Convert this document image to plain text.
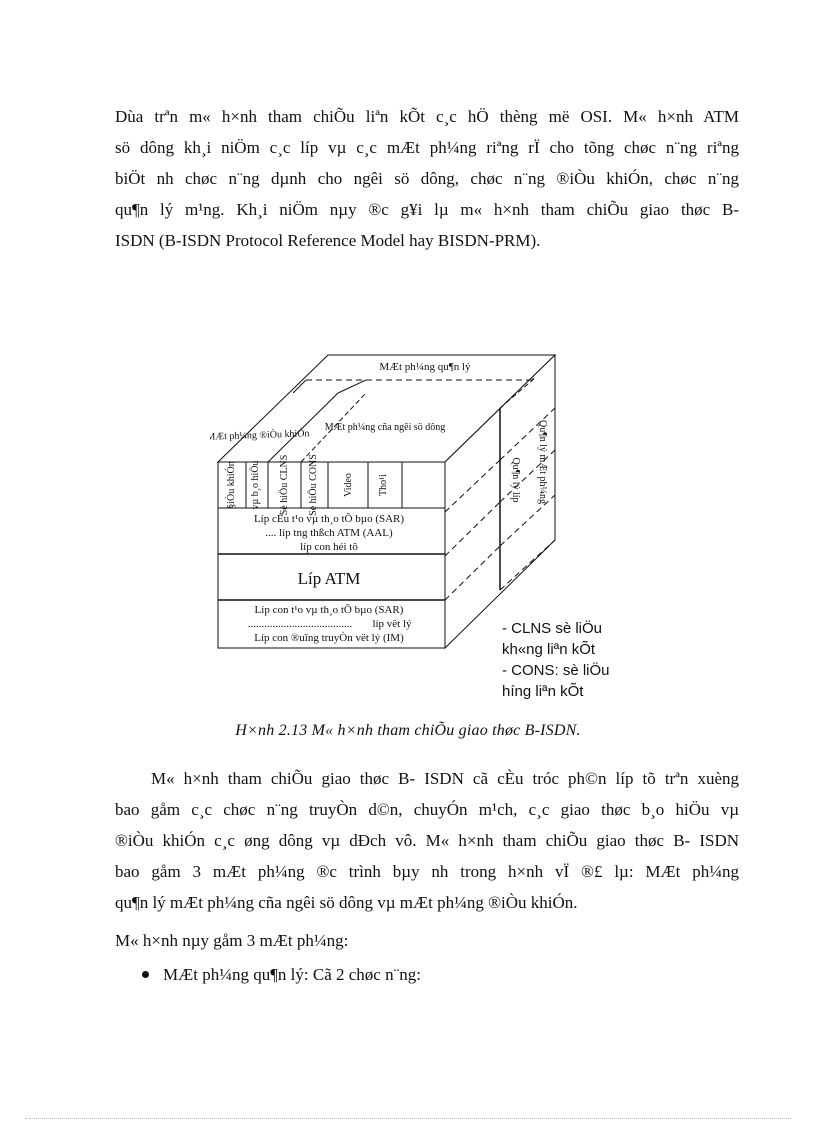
Dùa trªn m« h×nh tham chiÕu liªn kÕt c¸c hÖ thèng më OSI. M« h×nh ATM
sö dông kh¸i niÖm c¸c líp vµ c¸c mÆt ph¼ng riªng rÏ cho tõng chøc n¨ng riªng
biÖt nh chøc n¨ng dµnh cho ngêi sö dông, chøc n¨ng ®iÒu khiÓn, chøc n¨ng
qu¶n lý m¹ng. Kh¸i niÖm nµy ®c g¥i lµ m« h×nh tham chiÕu giao thøc B-
ISDN (B-ISDN Protocol Reference Model hay BISDN-PRM).
MÆt ph¼ng qu¶n lý
MÆt ph¼ng ®iÒu khiÓn
MÆt ph¼ng cña ngêi sö dông
§iÒu khiÓn vµ b¸o hiÖu Sè hiÖu CLNS Sè hiÖu CONS Video Tho¹i
Líp cÈu t¹o vµ th¸o tÕ bµo (SAR)
.... líp tng thßch ATM (AAL)
líp con héi tô
Líp ATM
Líp con t¹o vµ th¸o tÕ bµo (SAR)
...................................... líp vët lý
Líp con ®uîng truyÒn vët lý (IM)
Qu¶n lý mÆt ph¼ng
Qu¶n lý líp
- CLNS sè liÖu
kh«ng liªn kÕt
- CONS: sè liÖu
híng liªn kÕt
H×nh 2.13 M« h×nh tham chiÕu giao thøc B-ISDN.
M« h×nh tham chiÕu giao thøc B- ISDN cã cÈu tróc ph©n líp tõ trªn xuèng
bao gåm c¸c chøc n¨ng truyÒn d©n, chuyÓn m¹ch, c¸c giao thøc b¸o hiÖu vµ
®iÒu khiÓn c¸c øng dông vµ dÐch vô. M« h×nh tham chiÕu giao thøc B- ISDN
bao gåm 3 mÆt ph¼ng ®c trình bµy nh trong h×nh vÏ ®£ lµ: MÆt ph¼ng
qu¶n lý mÆt ph¼ng cña ngêi sö dông vµ mÆt ph¼ng ®iÒu khiÓn.
M« h×nh nµy gåm 3 mÆt ph¼ng:
MÆt ph¼ng qu¶n lý: Cã 2 chøc n¨ng:
